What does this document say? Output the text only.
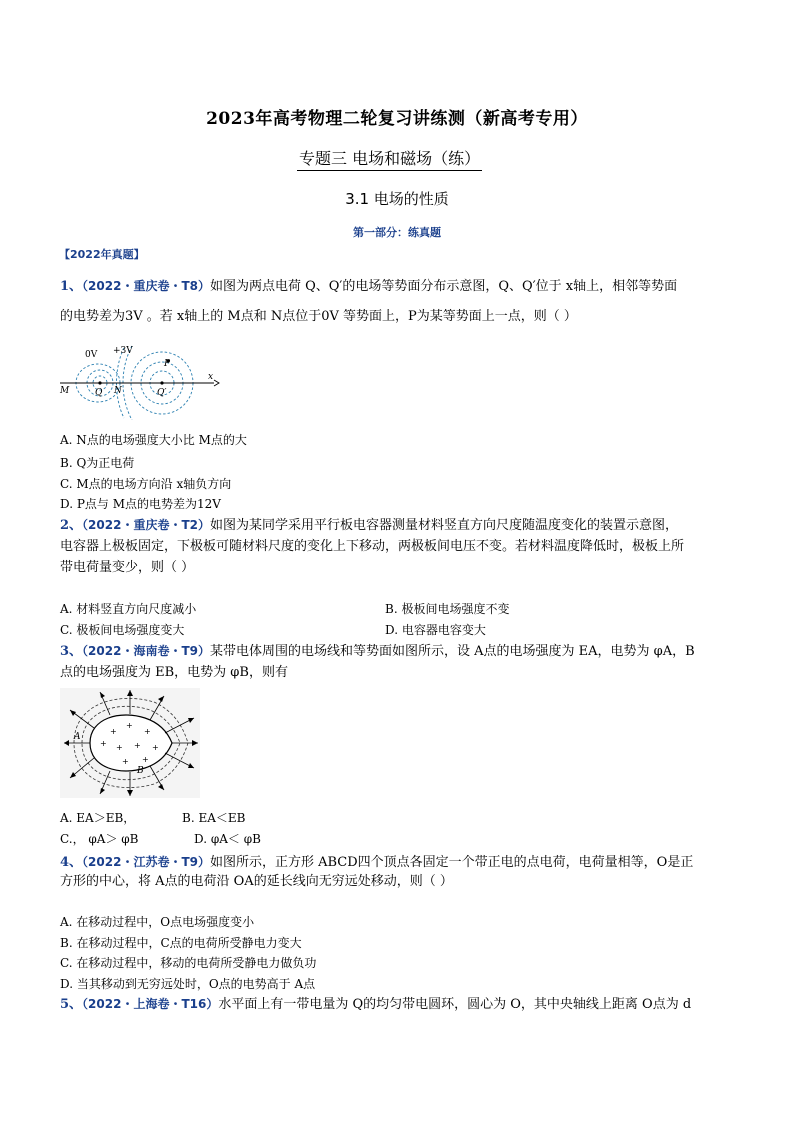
2023年高考物理二轮复习讲练测（新高考专用）
专题三 电场和磁场（练）
3.1 电场的性质
第一部分：练真题
【2022年真题】
1、（2022・重庆卷・T8）如图为两点电荷 Q、Q′的电场等势面分布示意图，Q、Q′位于 x轴上，相邻等势面
的电势差为3V 。若 x轴上的 M点和 N点位于0V 等势面上，P为某等势面上一点，则（ ）
0V +3V
M	Q N	Q′
P
x
A. N点的电场强度大小比 M点的大
B. Q为正电荷
C. M点的电场方向沿 x轴负方向
D. P点与 M点的电势差为12V
2、（2022・重庆卷・T2）如图为某同学采用平行板电容器测量材料竖直方向尺度随温度变化的装置示意图，
电容器上极板固定，下极板可随材料尺度的变化上下移动，两极板间电压不变。若材料温度降低时，极板上所
带电荷量变少，则（ ）
A. 材料竖直方向尺度减小	B. 极板间电场强度不变
C. 极板间电场强度变大	D. 电容器电容变大
3、（2022・海南卷・T9）某带电体周围的电场线和等势面如图所示，设 A点的电场强度为 EA，电势为 φA，B
点的电场强度为 EB，电势为 φB，则有
+
+
+
+ + +
+ +
+
A
B
A. EA＞EB，	B. EA＜EB
C.， φA＞ φB	D. φA＜ φB
4、（2022・江苏卷・T9）如图所示，正方形 ABCD四个顶点各固定一个带正电的点电荷，电荷量相等，O是正
方形的中心，将 A点的电荷沿 OA的延长线向无穷远处移动，则（ ）
A. 在移动过程中，O点电场强度变小
B. 在移动过程中，C点的电荷所受静电力变大
C. 在移动过程中，移动的电荷所受静电力做负功
D. 当其移动到无穷远处时，O点的电势高于 A点
5、（2022・上海卷・T16）水平面上有一带电量为 Q的均匀带电圆环，圆心为 O，其中央轴线上距离 O点为 d
